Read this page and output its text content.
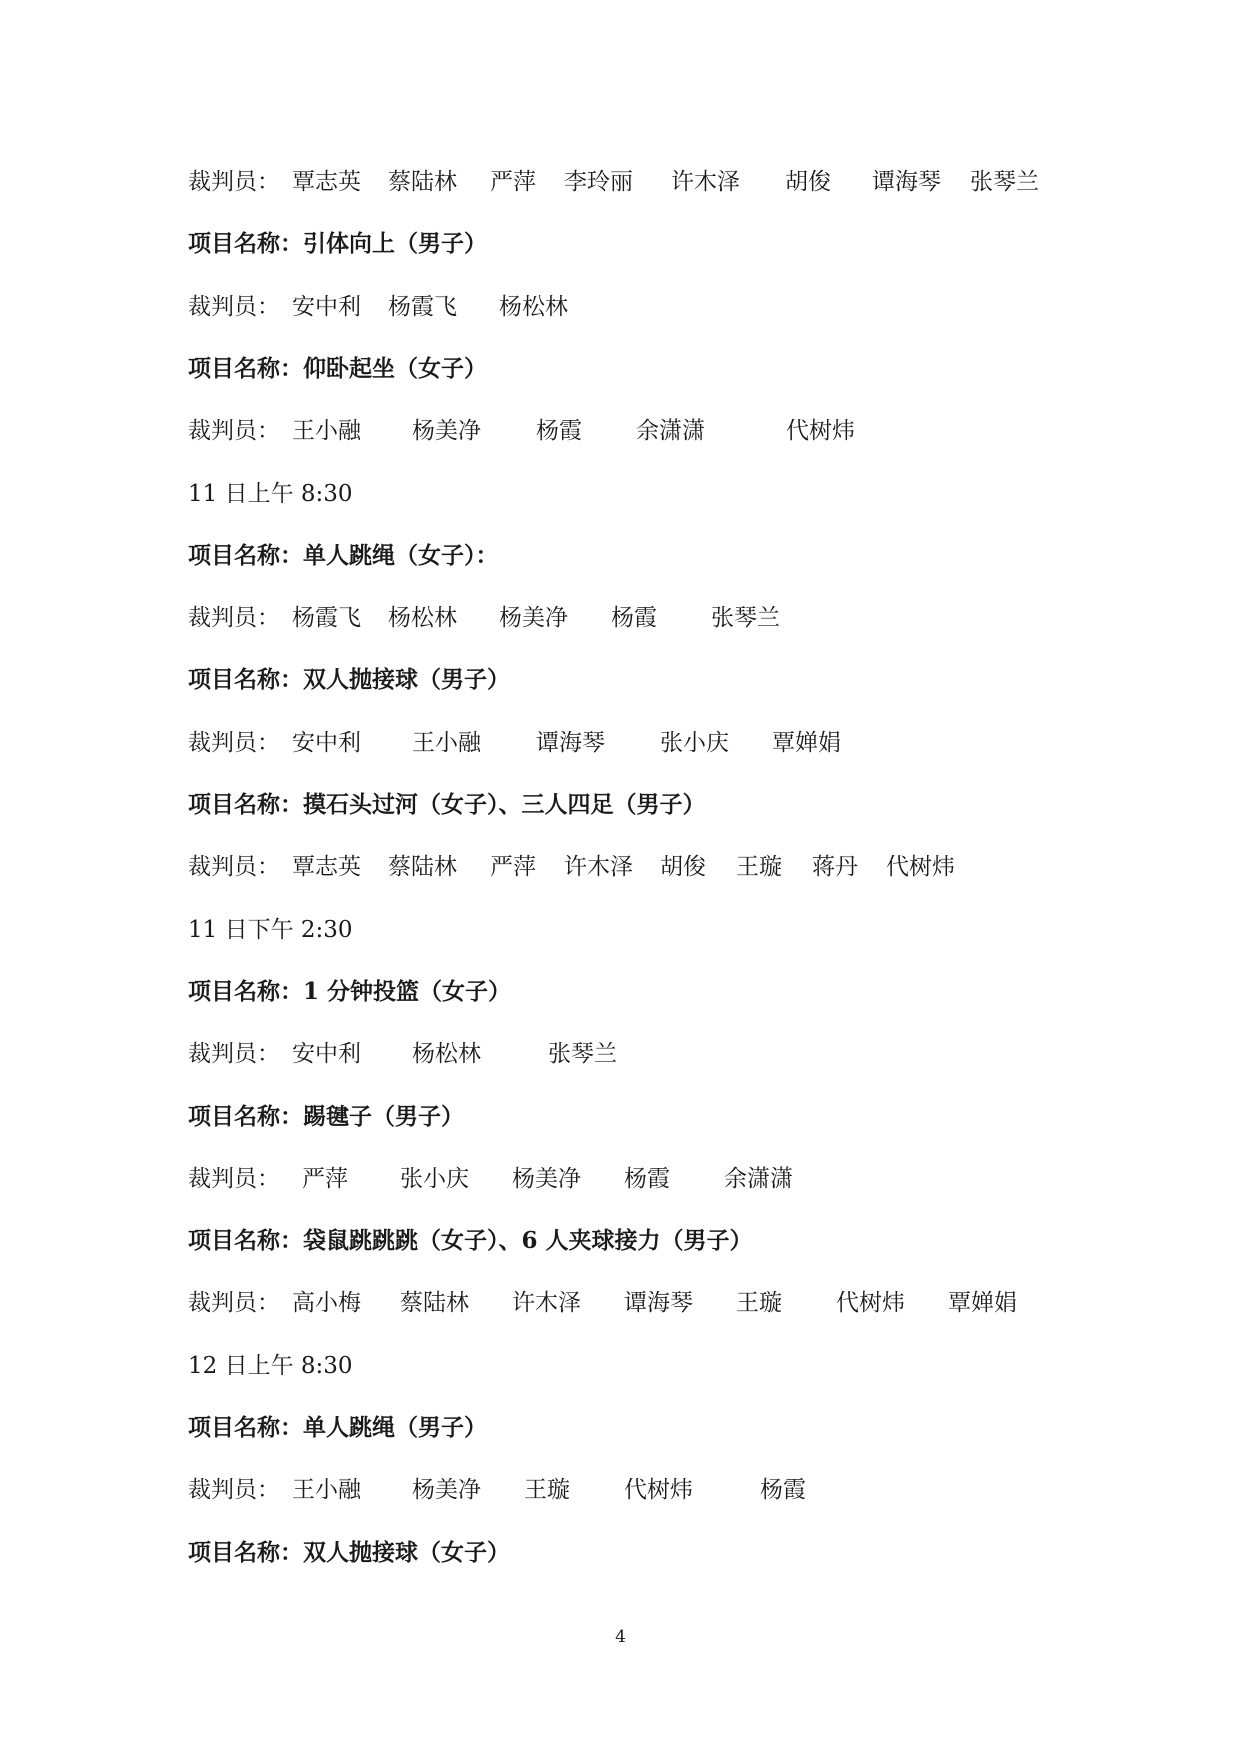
裁判员： 覃志英 蔡陆林 严萍 李玲丽 许木泽 胡俊 谭海琴 张琴兰
项目名称：引体向上（男子）
裁判员： 安中利 杨霞飞 杨松林
项目名称：仰卧起坐（女子）
裁判员： 王小融 杨美净 杨霞 余潇潇	代树炜
11 日上午 8:30
项目名称：单人跳绳（女子）：
裁判员： 杨霞飞 杨松林 杨美净 杨霞 张琴兰
项目名称：双人抛接球（男子）
裁判员： 安中利 王小融 谭海琴 张小庆 覃婵娟
项目名称：摸石头过河（女子）、三人四足（男子）
裁判员： 覃志英 蔡陆林 严萍 许木泽 胡俊 王璇 蒋丹 代树炜
11 日下午 2:30
项目名称：1 分钟投篮（女子）
裁判员： 安中利 杨松林	张琴兰
项目名称：踢毽子（男子）
裁判员： 严萍 张小庆 杨美净 杨霞 余潇潇
项目名称：袋鼠跳跳跳（女子）、6 人夹球接力（男子）
裁判员： 高小梅 蔡陆林 许木泽 谭海琴 王璇 代树炜 覃婵娟
12 日上午 8:30
项目名称：单人跳绳（男子）
裁判员： 王小融 杨美净 王璇 代树炜	杨霞
项目名称：双人抛接球（女子）
4
